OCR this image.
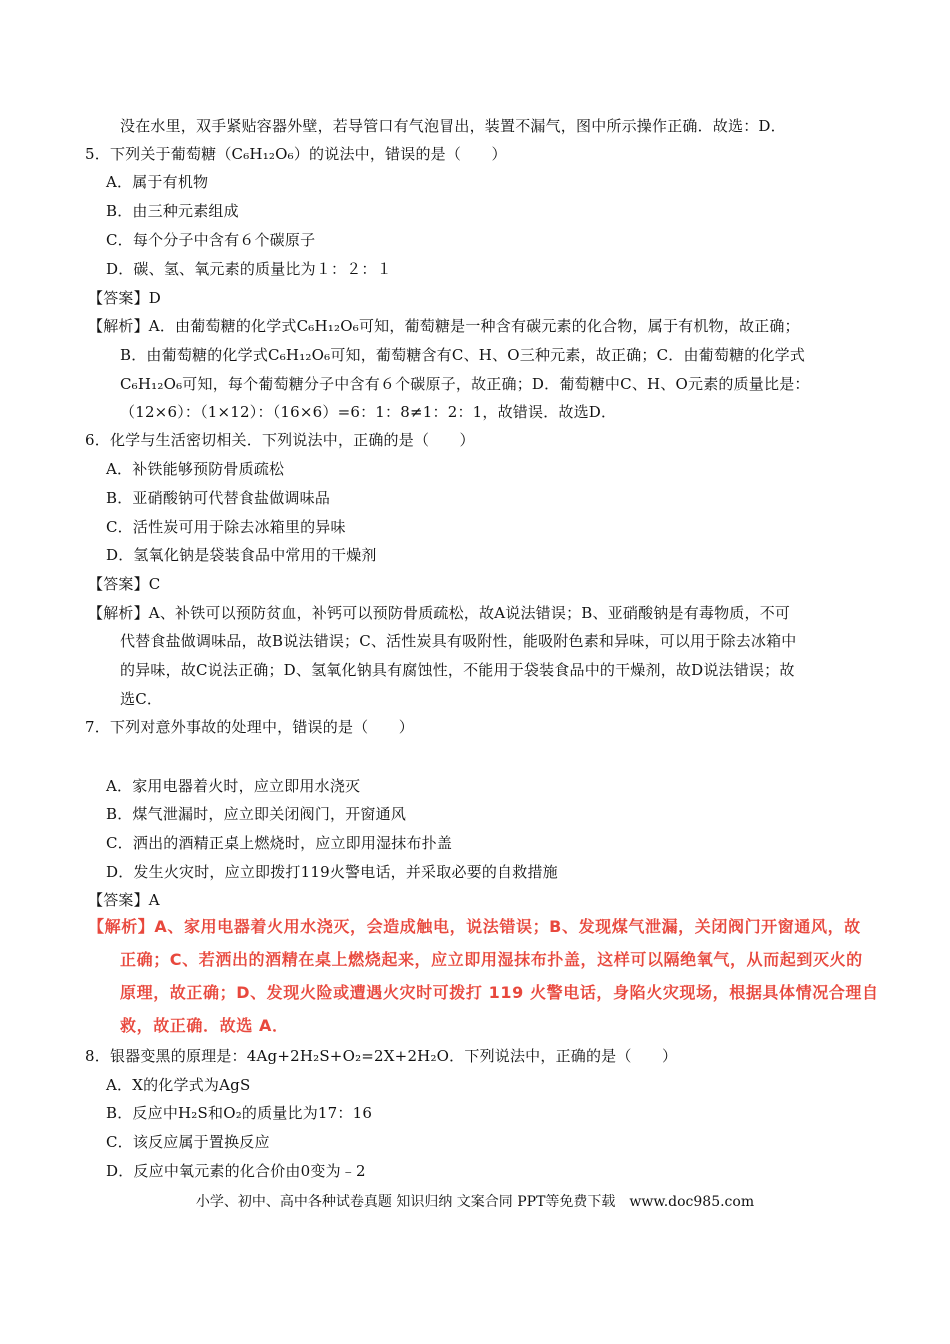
没在水里，双手紧贴容器外壁，若导管口有气泡冒出，装置不漏气，图中所示操作正确．故选：D．
5．下列关于葡萄糖（C₆H₁₂O₆）的说法中，错误的是（　　）
A．属于有机物
B．由三种元素组成
C．每个分子中含有６个碳原子
D．碳、氢、氧元素的质量比为１：２：１
【答案】D
【解析】A．由葡萄糖的化学式C₆H₁₂O₆可知，葡萄糖是一种含有碳元素的化合物，属于有机物，故正确；
B．由葡萄糖的化学式C₆H₁₂O₆可知，葡萄糖含有C、H、O三种元素，故正确；C．由葡萄糖的化学式
C₆H₁₂O₆可知，每个葡萄糖分子中含有６个碳原子，故正确；D．葡萄糖中C、H、O元素的质量比是：
（12×6）：（1×12）：（16×6）=6：1：8≠1：2：1，故错误．故选D．
6．化学与生活密切相关．下列说法中，正确的是（　　）
A．补铁能够预防骨质疏松
B．亚硝酸钠可代替食盐做调味品
C．活性炭可用于除去冰箱里的异味
D．氢氧化钠是袋装食品中常用的干燥剂
【答案】C
【解析】A、补铁可以预防贫血，补钙可以预防骨质疏松，故A说法错误；B、亚硝酸钠是有毒物质，不可
代替食盐做调味品，故B说法错误；C、活性炭具有吸附性，能吸附色素和异味，可以用于除去冰箱中
的异味，故C说法正确；D、氢氧化钠具有腐蚀性，不能用于袋装食品中的干燥剂，故D说法错误；故
选C．
7．下列对意外事故的处理中，错误的是（　　）
A．家用电器着火时，应立即用水浇灭
B．煤气泄漏时，应立即关闭阀门，开窗通风
C．洒出的酒精正桌上燃烧时，应立即用湿抹布扑盖
D．发生火灾时，应立即拨打119火警电话，并采取必要的自救措施
【答案】A
【解析】A、家用电器着火用水浇灭，会造成触电，说法错误；B、发现煤气泄漏，关闭阀门开窗通风，故
正确；C、若洒出的酒精在桌上燃烧起来，应立即用湿抹布扑盖，这样可以隔绝氧气，从而起到灭火的
原理，故正确；D、发现火险或遭遇火灾时可拨打 119 火警电话，身陷火灾现场，根据具体情况合理自
救，故正确．故选 A．
8．银器变黑的原理是：4Ag+2H₂S+O₂=2X+2H₂O．下列说法中，正确的是（　　）
A．X的化学式为AgS
B．反应中H₂S和O₂的质量比为17：16
C．该反应属于置换反应
D．反应中氧元素的化合价由0变为﹣2
小学、初中、高中各种试卷真题 知识归纳 文案合同 PPT等免费下载　www.doc985.com
